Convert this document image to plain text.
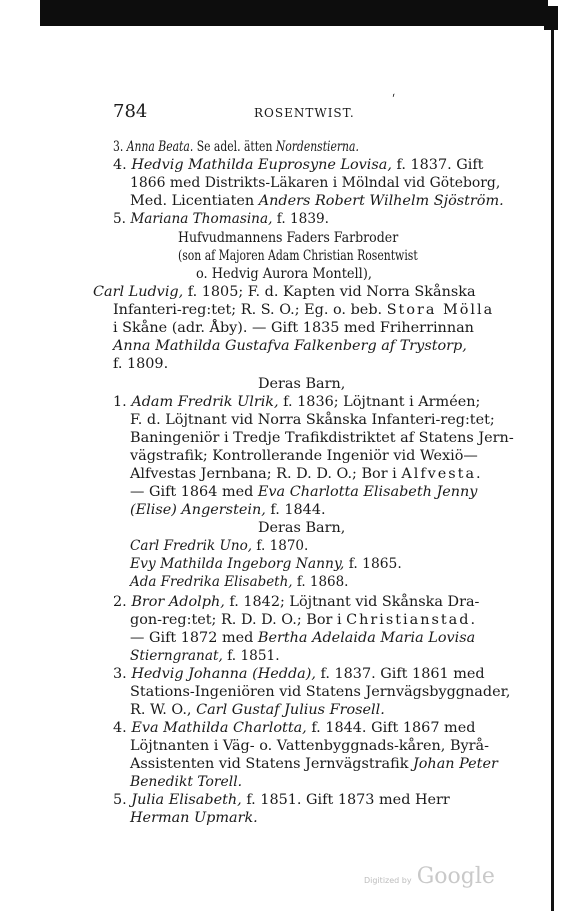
784	ROSENTWIST.
ˊ
3. Anna Beata. Se adel. ätten Nordenstierna.
4. Hedvig Mathilda Euprosyne Lovisa, f. 1837. Gift
1866 med Distrikts-Läkaren i Mölndal vid Göteborg,
Med. Licentiaten Anders Robert Wilhelm Sjöström.
5. Mariana Thomasina, f. 1839.
Hufvudmannens Faders Farbroder
(son af Majoren Adam Christian Rosentwist
o. Hedvig Aurora Montell),
Carl Ludvig, f. 1805; F. d. Kapten vid Norra Skånska
Infanteri-reg:tet; R. S. O.; Eg. o. beb. Stora Mölla
i Skåne (adr. Åby). — Gift 1835 med Friherrinnan
Anna Mathilda Gustafva Falkenberg af Trystorp,
f. 1809.
Deras Barn,
1. Adam Fredrik Ulrik, f. 1836; Löjtnant i Arméen;
F. d. Löjtnant vid Norra Skånska Infanteri-reg:tet;
Baningeniör i Tredje Trafikdistriktet af Statens Jern-
vägstrafik; Kontrollerande Ingeniör vid Wexiö—
Alfvestas Jernbana; R. D. D. O.; Bor i Alfvesta.
— Gift 1864 med Eva Charlotta Elisabeth Jenny
(Elise) Angerstein, f. 1844.
Deras Barn,
Carl Fredrik Uno, f. 1870.
Evy Mathilda Ingeborg Nanny, f. 1865.
Ada Fredrika Elisabeth, f. 1868.
2. Bror Adolph, f. 1842; Löjtnant vid Skånska Dra-
gon-reg:tet; R. D. D. O.; Bor i Christianstad.
— Gift 1872 med Bertha Adelaida Maria Lovisa
Stierngranat, f. 1851.
3. Hedvig Johanna (Hedda), f. 1837. Gift 1861 med
Stations-Ingeniören vid Statens Jernvägsbyggnader,
R. W. O., Carl Gustaf Julius Frosell.
4. Eva Mathilda Charlotta, f. 1844. Gift 1867 med
Löjtnanten i Väg- o. Vattenbyggnads-kåren, Byrå-
Assistenten vid Statens Jernvägstrafik Johan Peter
Benedikt Torell.
5. Julia Elisabeth, f. 1851. Gift 1873 med Herr
Herman Upmark.
Digitized by Google
